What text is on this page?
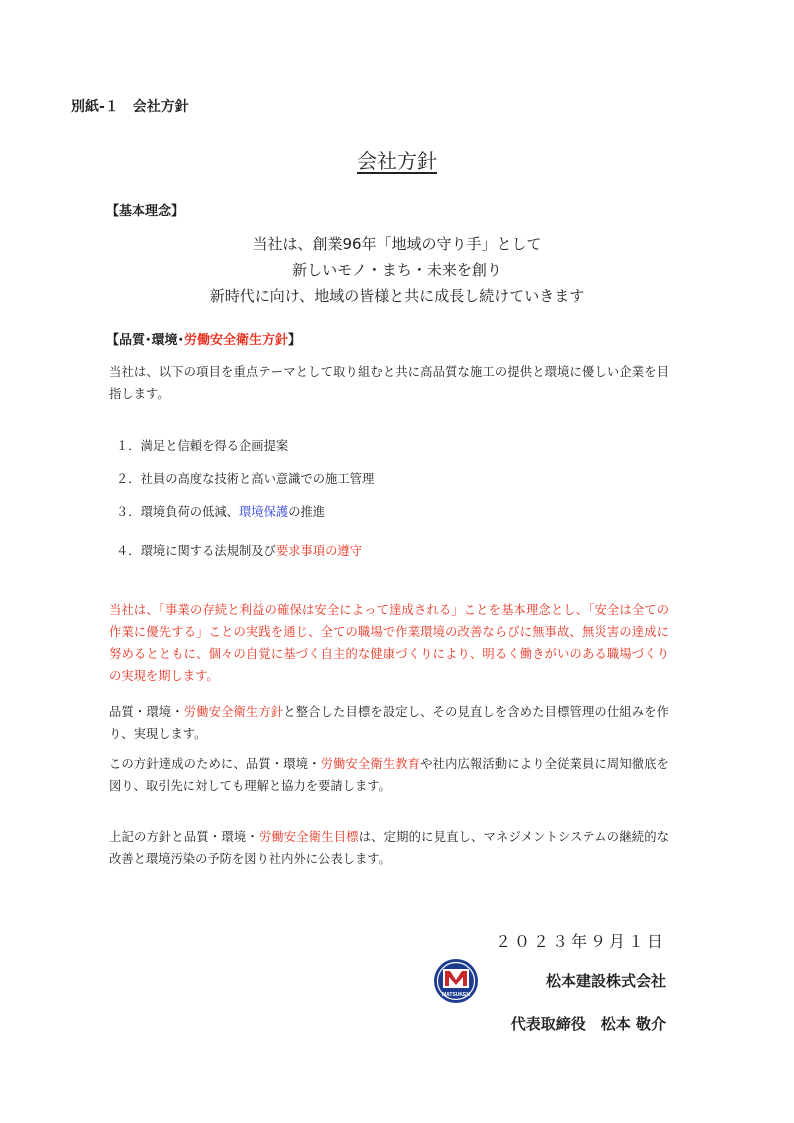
別紙-１　会社方針
会社方針
【基本理念】
当社は、創業96年「地域の守り手」として
新しいモノ・まち・未来を創り
新時代に向け、地域の皆様と共に成長し続けていきます
【品質･環境･労働安全衛生方針】
当社は、以下の項目を重点テーマとして取り組むと共に高品質な施工の提供と環境に優しい企業を目指します。
１．満足と信頼を得る企画提案
２．社員の高度な技術と高い意識での施工管理
３．環境負荷の低減、環境保護の推進
４．環境に関する法規制及び要求事項の遵守
当社は、「事業の存続と利益の確保は安全によって達成される」ことを基本理念とし、「安全は全ての作業に優先する」ことの実践を通じ、全ての職場で作業環境の改善ならびに無事故、無災害の達成に努めるとともに、個々の自覚に基づく自主的な健康づくりにより、明るく働きがいのある職場づくりの実現を期します。
品質・環境・労働安全衛生方針と整合した目標を設定し、その見直しを含めた目標管理の仕組みを作り、実現します。
この方針達成のために、品質・環境・労働安全衛生教育や社内広報活動により全従業員に周知徹底を図り、取引先に対しても理解と協力を要請します。
上記の方針と品質・環境・労働安全衛生目標は、定期的に見直し、マネジメントシステムの継続的な改善と環境汚染の予防を図り社内外に公表します。
２０２３年９月１日
MATSUKEN
松本建設株式会社
代表取締役　松本 敬介
